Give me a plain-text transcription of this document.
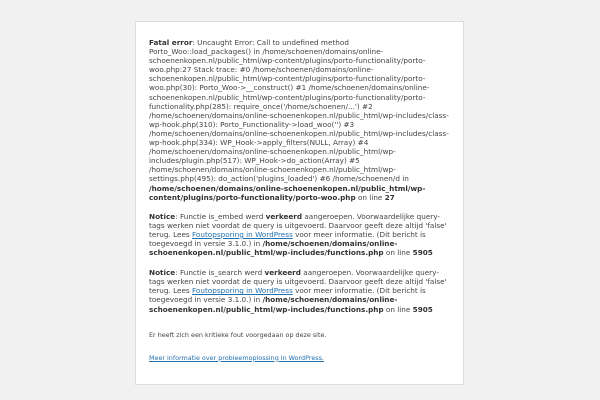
Fatal error: Uncaught Error: Call to undefined method Porto_Woo::load_packages() in /home/schoenen/domains/online-schoenenkopen.nl/public_html/wp-content/plugins/porto-functionality/porto-woo.php:27 Stack trace: #0 /home/schoenen/domains/online-schoenenkopen.nl/public_html/wp-content/plugins/porto-functionality/porto-woo.php(30): Porto_Woo->__construct() #1 /home/schoenen/domains/online-schoenenkopen.nl/public_html/wp-content/plugins/porto-functionality/porto-functionality.php(285): require_once('/home/schoenen/...') #2 /home/schoenen/domains/online-schoenenkopen.nl/public_html/wp-includes/class-wp-hook.php(310): Porto_Functionality->load_woo('') #3 /home/schoenen/domains/online-schoenenkopen.nl/public_html/wp-includes/class-wp-hook.php(334): WP_Hook->apply_filters(NULL, Array) #4 /home/schoenen/domains/online-schoenenkopen.nl/public_html/wp-includes/plugin.php(517): WP_Hook->do_action(Array) #5 /home/schoenen/domains/online-schoenenkopen.nl/public_html/wp-settings.php(495): do_action('plugins_loaded') #6 /home/schoenen/d in /home/schoenen/domains/online-schoenenkopen.nl/public_html/wp-content/plugins/porto-functionality/porto-woo.php on line 27

Notice: Functie is_embed werd verkeerd aangeroepen. Voorwaardelijke query-tags werken niet voordat de query is uitgevoerd. Daarvoor geeft deze altijd 'false' terug. Lees Foutopsporing in WordPress voor meer informatie. (Dit bericht is toegevoegd in versie 3.1.0.) in /home/schoenen/domains/online-schoenenkopen.nl/public_html/wp-includes/functions.php on line 5905

Notice: Functie is_search werd verkeerd aangeroepen. Voorwaardelijke query-tags werken niet voordat de query is uitgevoerd. Daarvoor geeft deze altijd 'false' terug. Lees Foutopsporing in WordPress voor meer informatie. (Dit bericht is toegevoegd in versie 3.1.0.) in /home/schoenen/domains/online-schoenenkopen.nl/public_html/wp-includes/functions.php on line 5905

Er heeft zich een kritieke fout voorgedaan op deze site.

Meer informatie over probleemoplossing in WordPress.
